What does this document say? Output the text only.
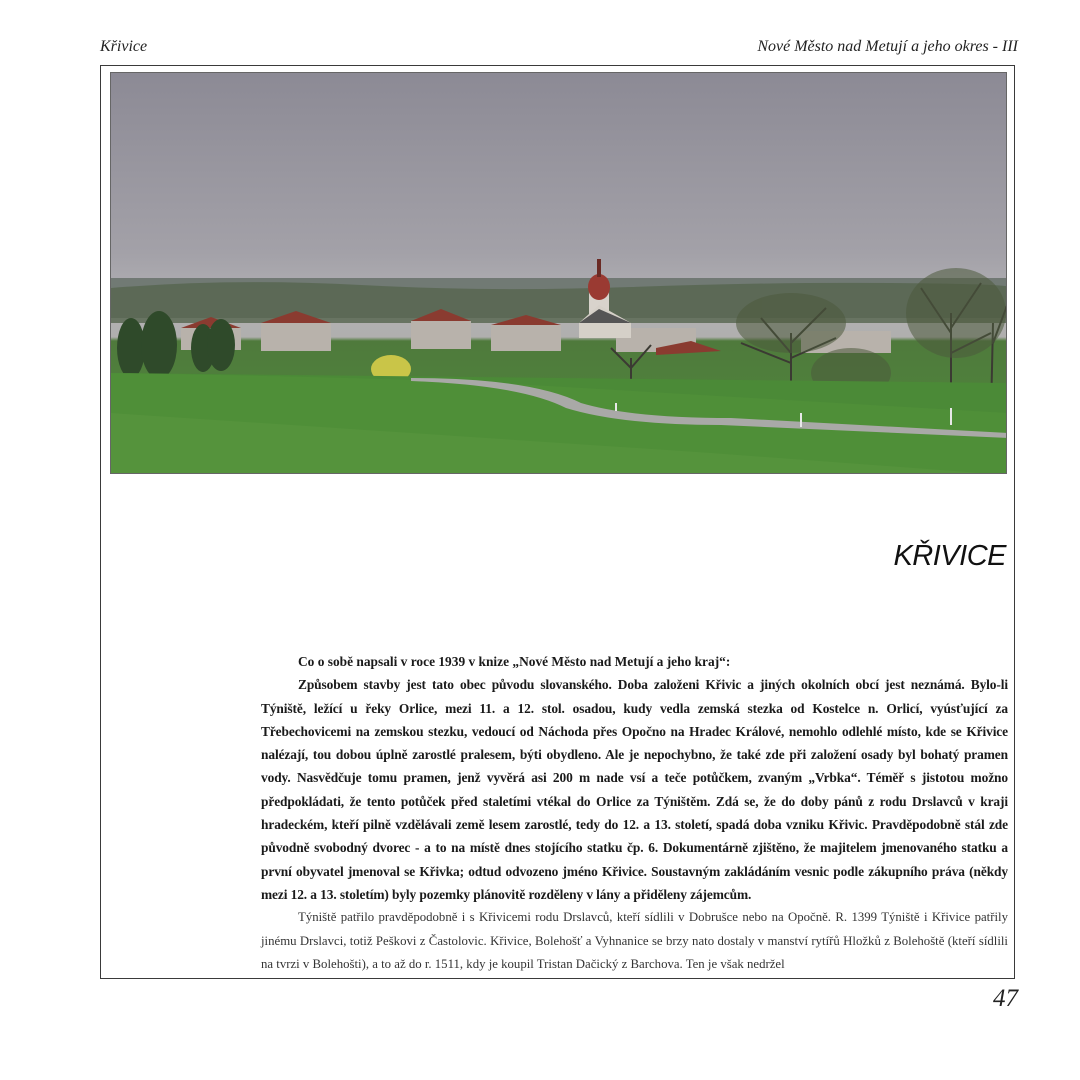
Křivice	Nové Město nad Metují a jeho okres - III
KŘIVICE

Co o sobě napsali v roce 1939 v knize „Nové Město nad Metují a jeho kraj“:

Způsobem stavby jest tato obec původu slovanského. Doba založeni Křivic a jiných okolních obcí jest neznámá. Bylo-li Týniště, ležící u řeky Orlice, mezi 11. a 12. stol. osadou, kudy vedla zemská stezka od Kostelce n. Orlicí, vyúsťující za Třebechovicemi na zemskou stezku, vedoucí od Náchoda přes Opočno na Hradec Králové, nemohlo odlehlé místo, kde se Křivice nalézají, tou dobou úplně zarostlé pralesem, býti obydleno. Ale je nepochybno, že také zde při založení osady byl bohatý pramen vody. Nasvědčuje tomu pramen, jenž vyvěrá asi 200 m nade vsí a teče potůčkem, zvaným „Vrbka“. Téměř s jistotou možno předpokládati, že tento potůček před staletími vtékal do Orlice za Týništěm. Zdá se, že do doby pánů z rodu Drslavců v kraji hradeckém, kteří pilně vzdělávali země lesem zarostlé, tedy do 12. a 13. století, spadá doba vzniku Křivic. Pravděpodobně stál zde původně svobodný dvorec - a to na místě dnes stojícího statku čp. 6. Dokumentárně zjištěno, že majitelem jmenovaného statku a první obyvatel jmenoval se Křivka; odtud odvozeno jméno Křivice. Soustavným zakládáním vesnic podle zákupního práva (někdy mezi 12. a 13. stoletím) byly pozemky plánovitě rozděleny v lány a přiděleny zájemcům.

Týniště patřilo pravděpodobně i s Křivicemi rodu Drslavců, kteří sídlili v Dobrušce nebo na Opočně. R. 1399 Týniště i Křivice patřily jinému Drslavci, totiž Peškovi z Častolovic. Křivice, Bolehošť a Vyhnanice se brzy nato dostaly v manství rytířů Hložků z Bolehoště (kteří sídlili na tvrzi v Bolehošti), a to až do r. 1511, kdy je koupil Tristan Dačický z Barchova. Ten je však nedržel

47
